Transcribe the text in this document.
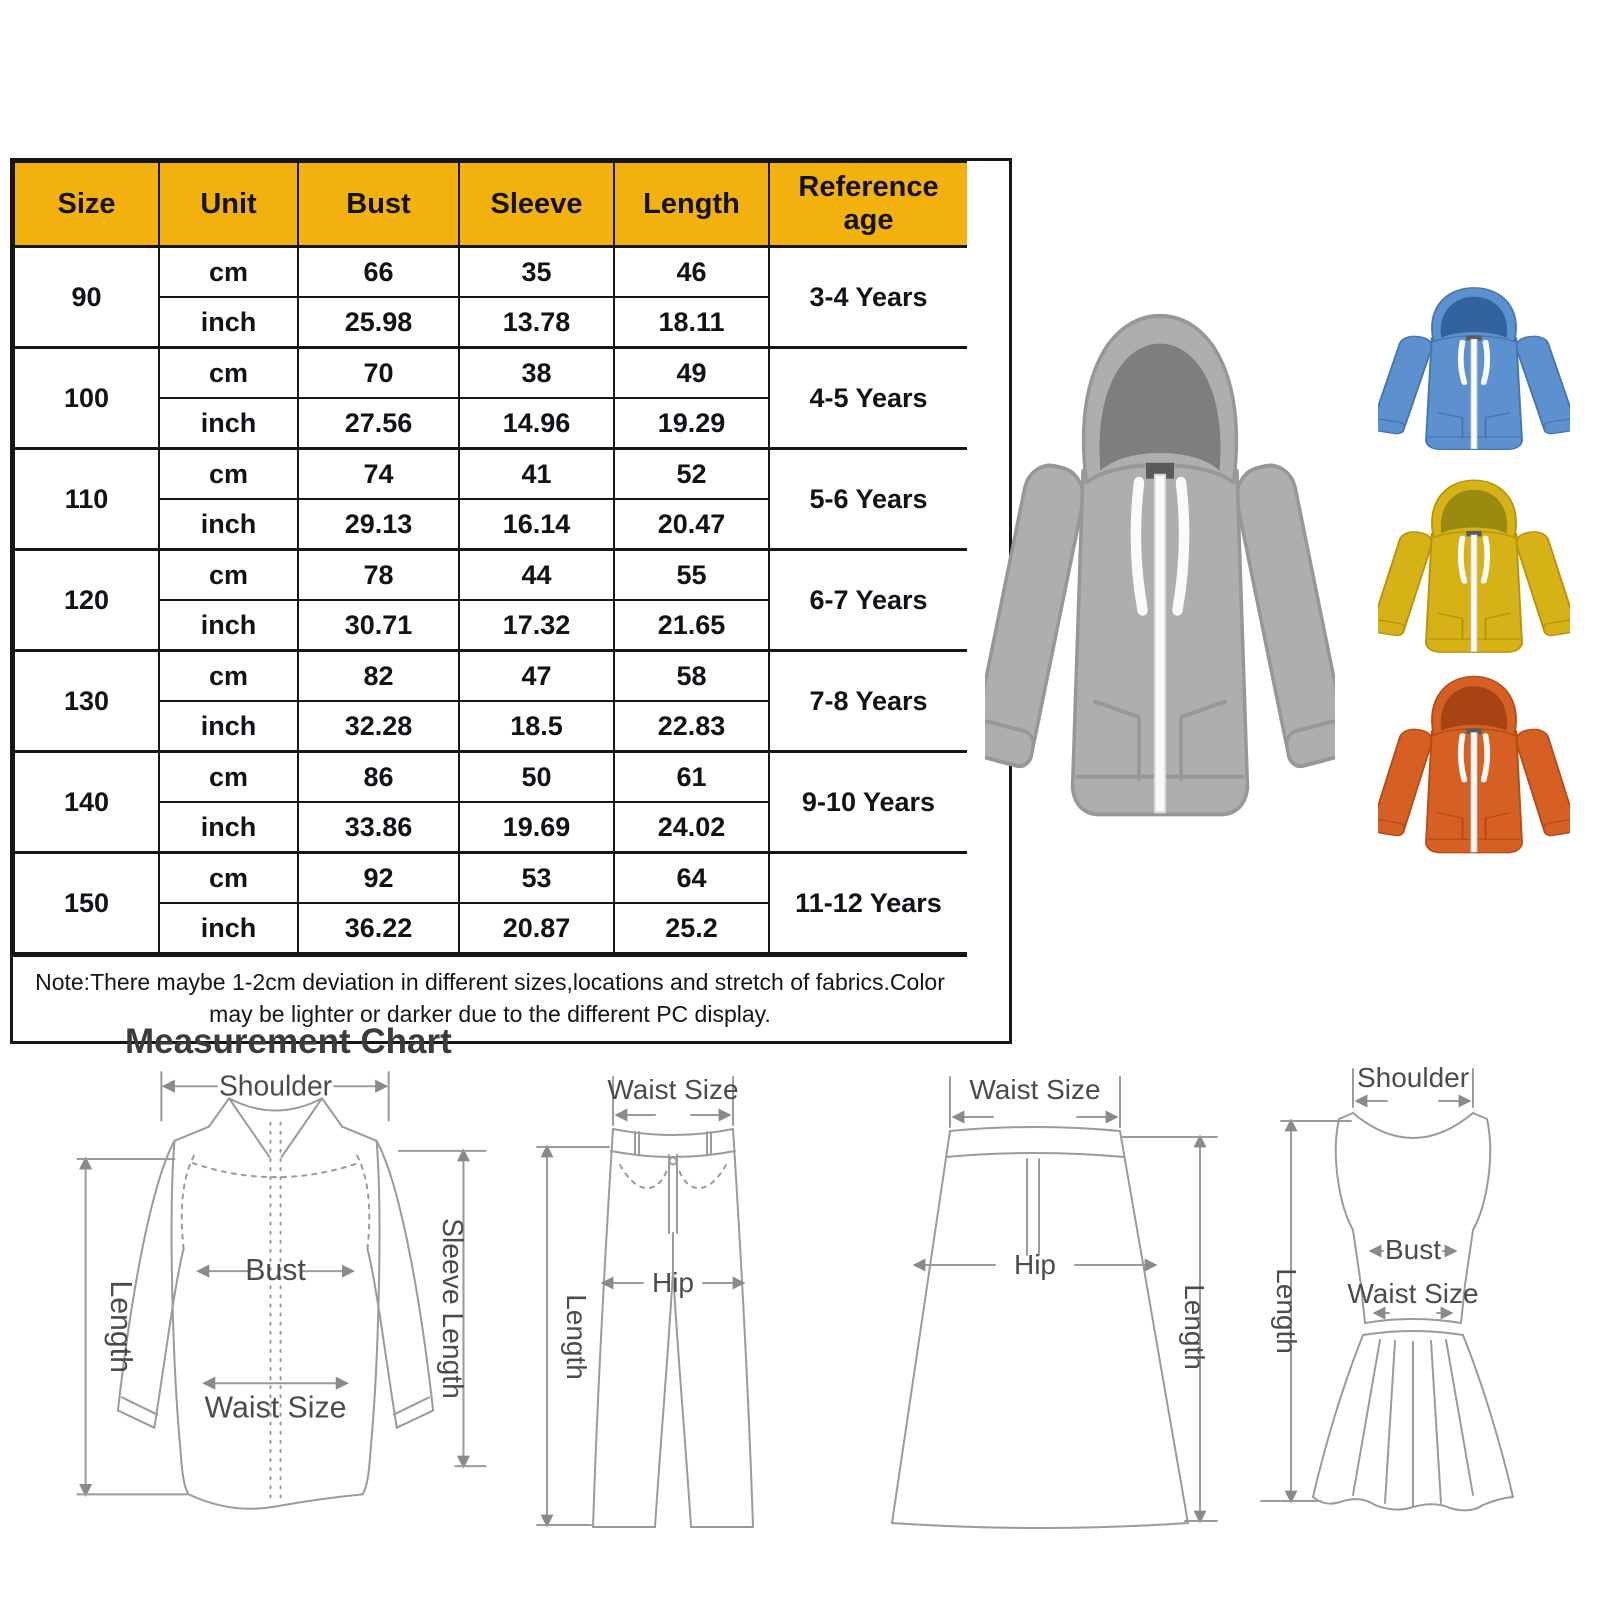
Size	Unit	Bust	Sleeve	Length	Reference age
90	cm	66	35	46	3-4 Years
	inch	25.98	13.78	18.11	
100	cm	70	38	49	4-5 Years
	inch	27.56	14.96	19.29	
110	cm	74	41	52	5-6 Years
	inch	29.13	16.14	20.47	
120	cm	78	44	55	6-7 Years
	inch	30.71	17.32	21.65	
130	cm	82	47	58	7-8 Years
	inch	32.28	18.5	22.83	
140	cm	86	50	61	9-10 Years
	inch	33.86	19.69	24.02	
150	cm	92	53	64	11-12 Years
	inch	36.22	20.87	25.2	
Note:There maybe 1-2cm deviation in different sizes,locations and stretch of fabrics.Color may be lighter or darker due to the different PC display.
Measurement Chart
Shoulder
Bust
Waist Size
Length	Sleeve Length
Waist Size
Hip
Length
Waist Size
Hip
Length
Shoulder
Bust
Waist Size
Length
